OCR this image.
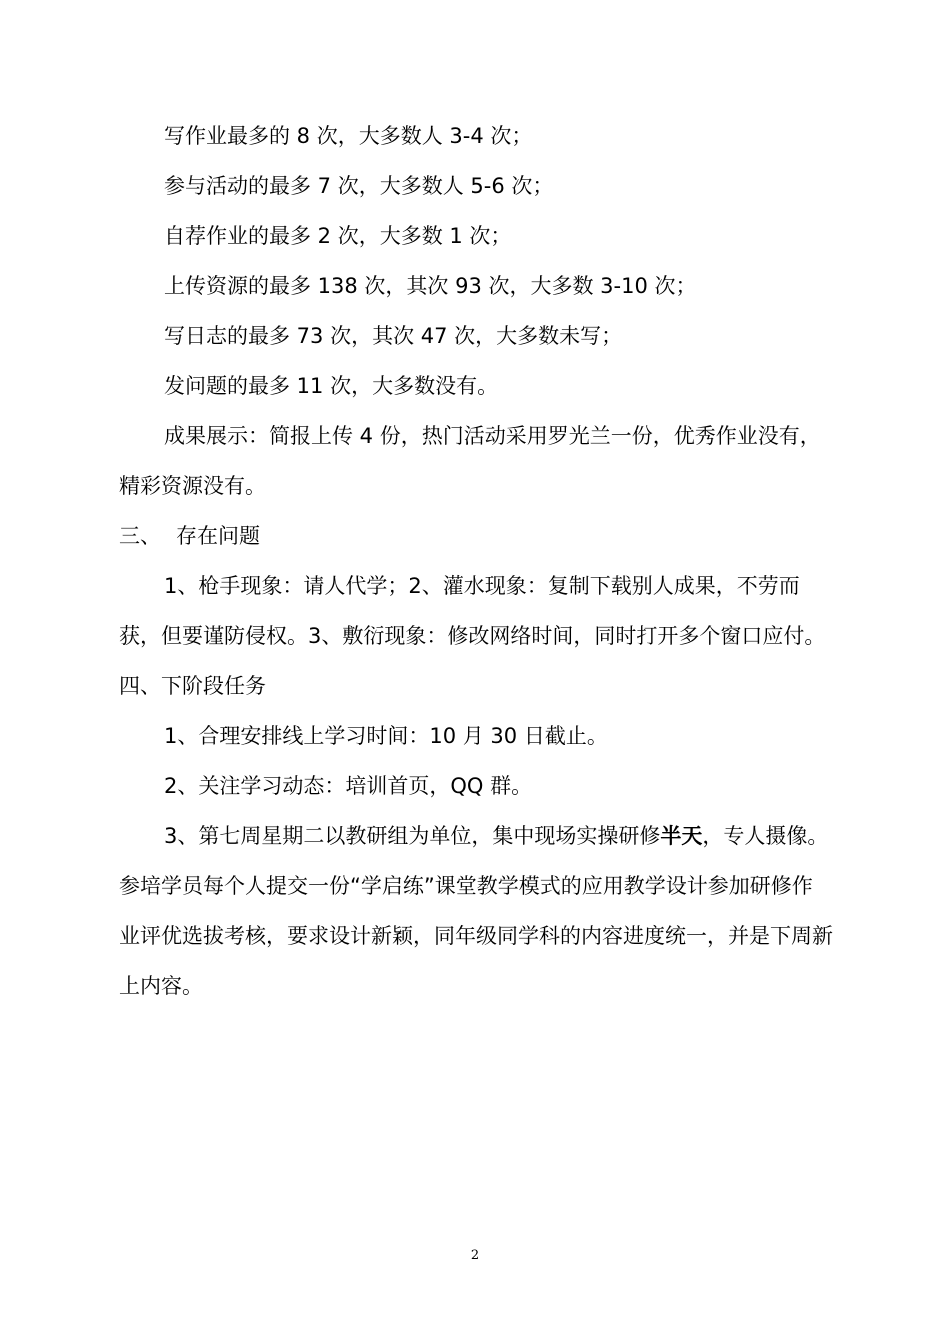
写作业最多的 8 次，大多数人 3-4 次；

参与活动的最多 7 次，大多数人 5-6 次；

自荐作业的最多 2 次，大多数 1 次；

上传资源的最多 138 次，其次 93 次，大多数 3-10 次；

写日志的最多 73 次，其次 47 次，大多数未写；

发问题的最多 11 次，大多数没有。

成果展示：简报上传 4 份，热门活动采用罗光兰一份，优秀作业没有，精彩资源没有。

三、 存在问题

1、枪手现象：请人代学；2、灌水现象：复制下载别人成果，不劳而获，但要谨防侵权。3、敷衍现象：修改网络时间，同时打开多个窗口应付。

四、下阶段任务

1、合理安排线上学习时间：10 月 30 日截止。

2、关注学习动态：培训首页，QQ 群。

3、第七周星期二以教研组为单位，集中现场实操研修半天，专人摄像。参培学员每个人提交一份“学启练”课堂教学模式的应用教学设计参加研修作业评优选拔考核，要求设计新颖，同年级同学科的内容进度统一，并是下周新上内容。

2
